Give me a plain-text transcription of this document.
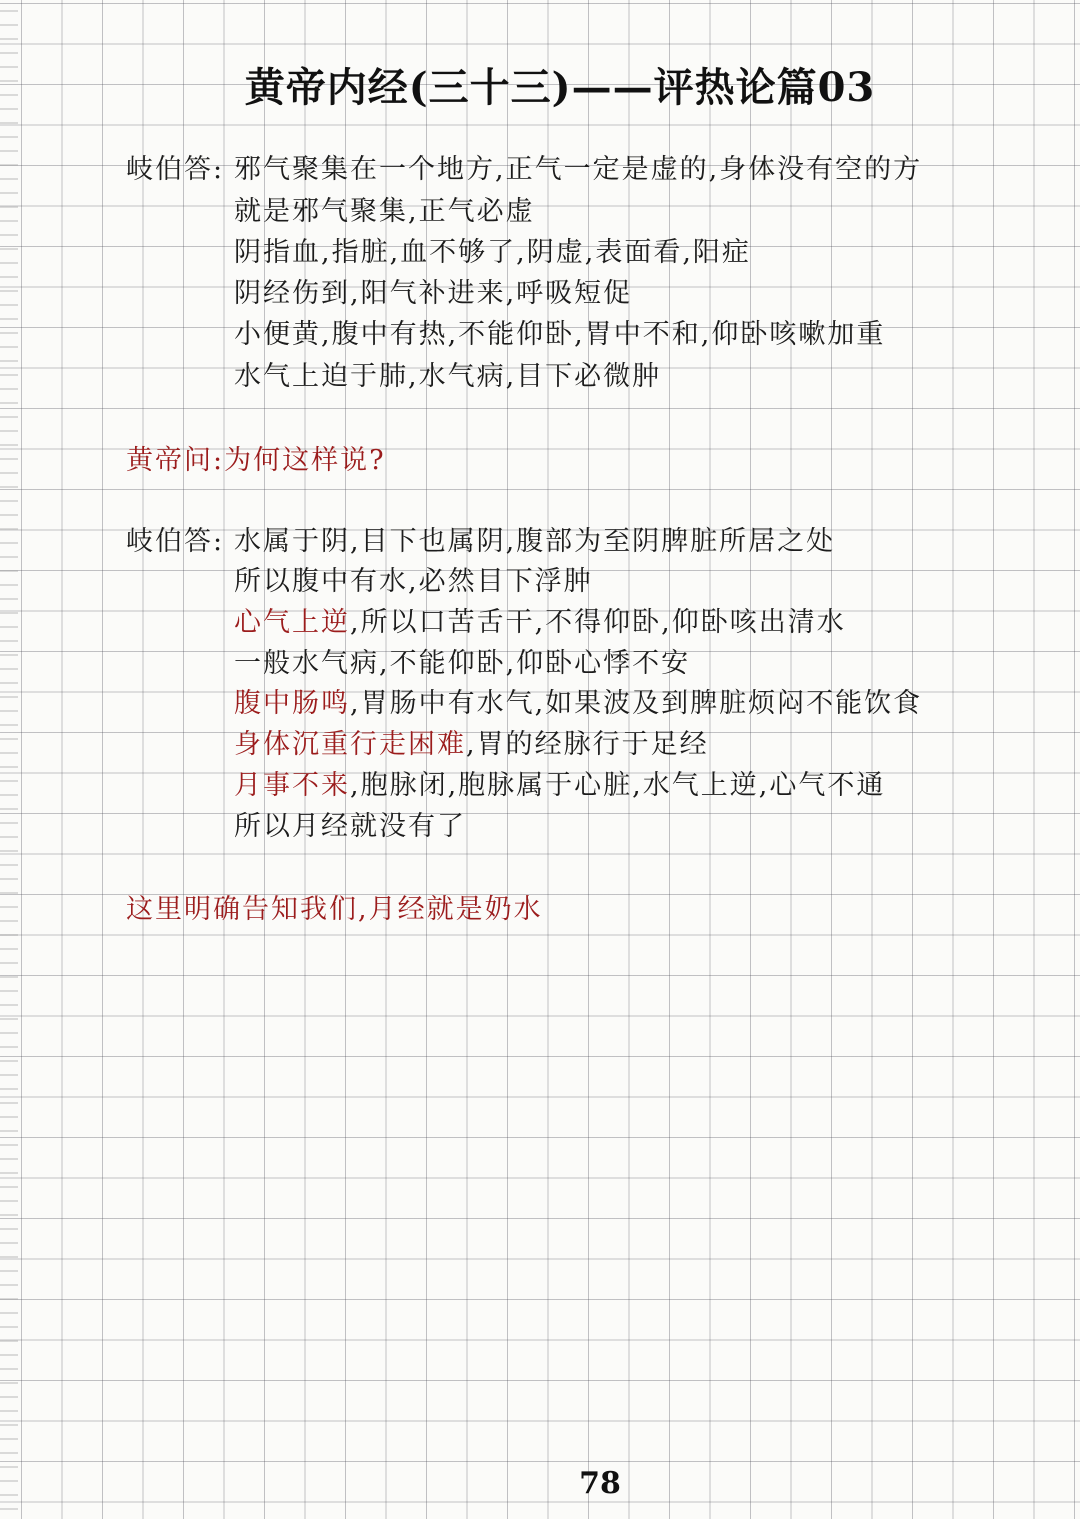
黄帝内经(三十三)——评热论篇03
岐伯答: 邪气聚集在一个地方,正气一定是虚的,身体没有空的方
就是邪气聚集,正气必虚
阴指血,指脏,血不够了,阴虚,表面看,阳症
阴经伤到,阳气补进来,呼吸短促
小便黄,腹中有热,不能仰卧,胃中不和,仰卧咳嗽加重
水气上迫于肺,水气病,目下必微肿
黄帝问:为何这样说?
岐伯答: 水属于阴,目下也属阴,腹部为至阴脾脏所居之处
所以腹中有水,必然目下浮肿
心气上逆,所以口苦舌干,不得仰卧,仰卧咳出清水
一般水气病,不能仰卧,仰卧心悸不安
腹中肠鸣,胃肠中有水气,如果波及到脾脏烦闷不能饮食
身体沉重行走困难,胃的经脉行于足经
月事不来,胞脉闭,胞脉属于心脏,水气上逆,心气不通
所以月经就没有了
这里明确告知我们,月经就是奶水
78
